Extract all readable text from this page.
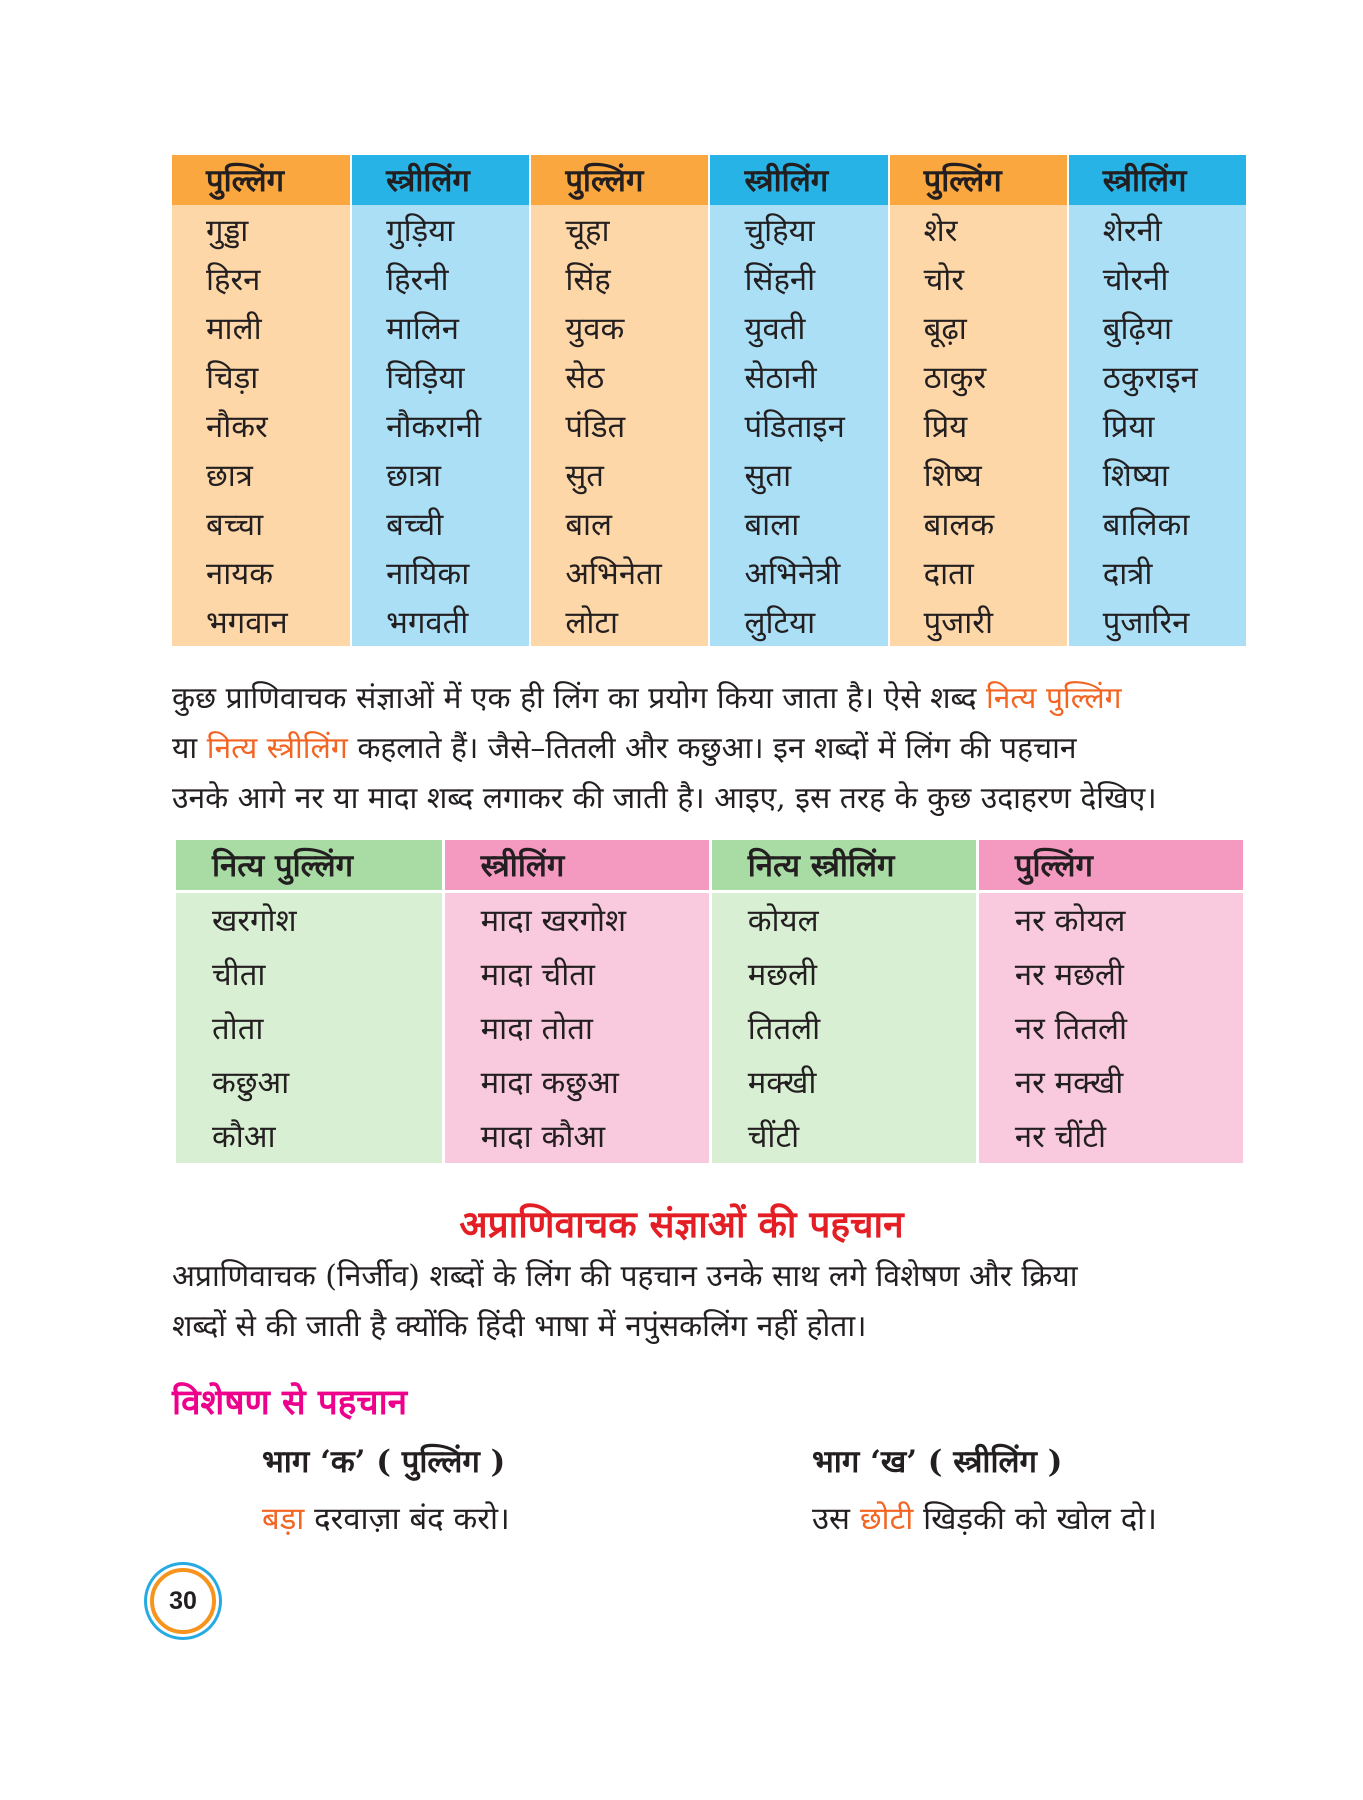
पुल्लिंग	स्त्रीलिंग	पुल्लिंग	स्त्रीलिंग	पुल्लिंग	स्त्रीलिंग
गुड्डा	गुड़िया	चूहा	चुहिया	शेर	शेरनी
हिरन	हिरनी	सिंह	सिंहनी	चोर	चोरनी
माली	मालिन	युवक	युवती	बूढ़ा	बुढ़िया
चिड़ा	चिड़िया	सेठ	सेठानी	ठाकुर	ठकुराइन
नौकर	नौकरानी	पंडित	पंडिताइन	प्रिय	प्रिया
छात्र	छात्रा	सुत	सुता	शिष्य	शिष्या
बच्चा	बच्ची	बाल	बाला	बालक	बालिका
नायक	नायिका	अभिनेता	अभिनेत्री	दाता	दात्री
भगवान	भगवती	लोटा	लुटिया	पुजारी	पुजारिन

कुछ प्राणिवाचक संज्ञाओं में एक ही लिंग का प्रयोग किया जाता है। ऐसे शब्द नित्य पुल्लिंग

या नित्य स्त्रीलिंग कहलाते हैं। जैसे–तितली और कछुआ। इन शब्दों में लिंग की पहचान

उनके आगे नर या मादा शब्द लगाकर की जाती है। आइए, इस तरह के कुछ उदाहरण देखिए।

नित्य पुल्लिंग	स्त्रीलिंग	नित्य स्त्रीलिंग	पुल्लिंग
खरगोश	मादा खरगोश	कोयल	नर कोयल
चीता	मादा चीता	मछली	नर मछली
तोता	मादा तोता	तितली	नर तितली
कछुआ	मादा कछुआ	मक्खी	नर मक्खी
कौआ	मादा कौआ	चींटी	नर चींटी
अप्राणिवाचक संज्ञाओं की पहचान

अप्राणिवाचक (निर्जीव) शब्दों के लिंग की पहचान उनके साथ लगे विशेषण और क्रिया

शब्दों से की जाती है क्योंकि हिंदी भाषा में नपुंसकलिंग नहीं होता।

विशेषण से पहचान

भाग ‘क’ ( पुल्लिंग )	भाग ‘ख’ ( स्त्रीलिंग )

बड़ा दरवाज़ा बंद करो।	उस छोटी खिड़की को खोल दो।

30
